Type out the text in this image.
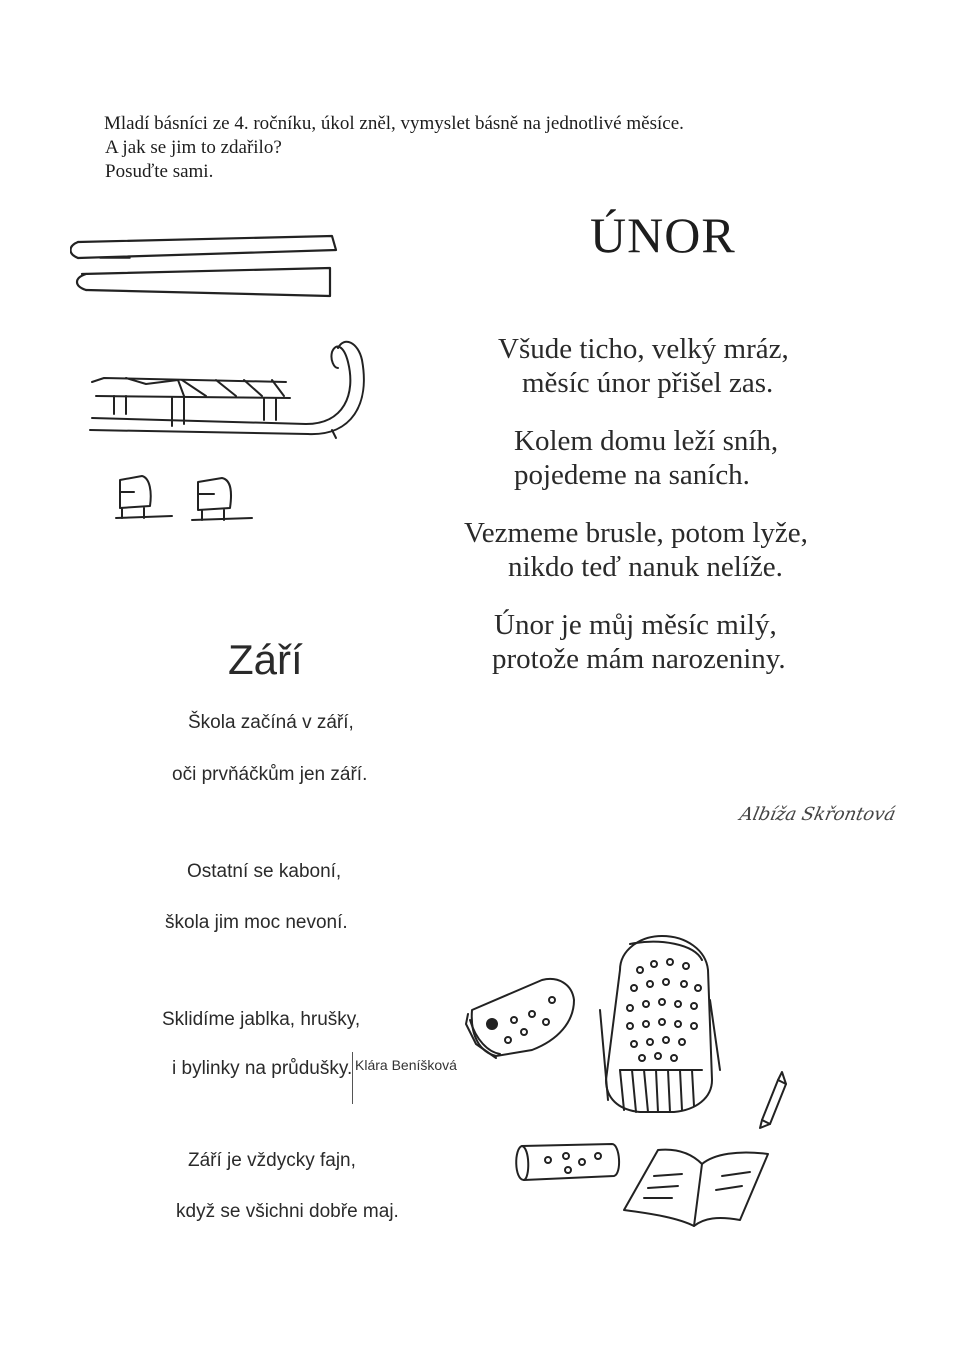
Mladí básníci ze 4. ročníku, úkol zněl, vymyslet básně na jednotlivé měsíce.
A jak se jim to zdařilo?
Posuďte sami.
ÚNOR
Všude ticho, velký mráz,
měsíc únor přišel zas.
Kolem domu leží sníh,
pojedeme na saních.
Vezmeme brusle, potom lyže,
nikdo teď nanuk nelíže.
Únor je můj měsíc milý,
protože mám narozeniny.
Albíža Skřontová
Září
Škola začíná v září,
oči prvňáčkům jen září.
Ostatní se kaboní,
škola jim moc nevoní.
Sklidíme jablka, hrušky,
i bylinky na průdušky.
Září je vždycky fajn,
když se všichni dobře maj.
Klára Beníšková
